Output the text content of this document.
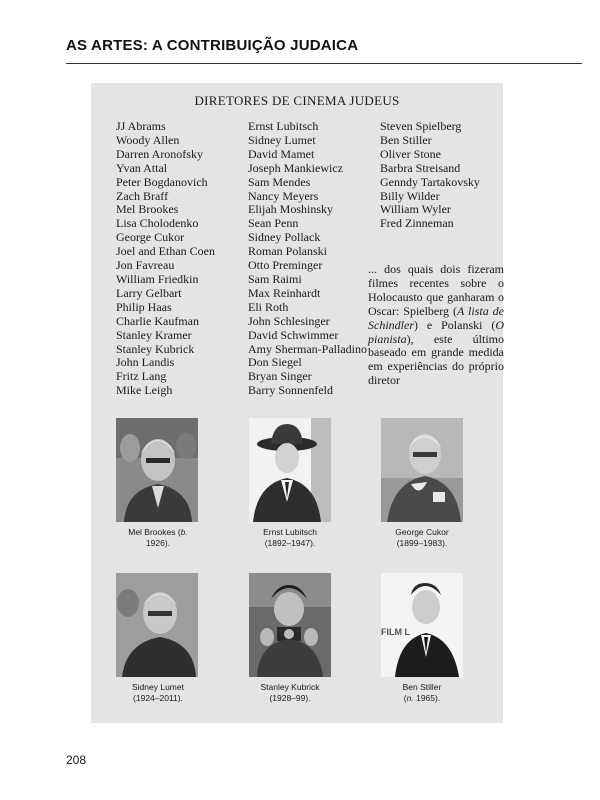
AS ARTES: A CONTRIBUIÇÃO JUDAICA
DIRETORES DE CINEMA JUDEUS
JJ Abrams
Woody Allen
Darren Aronofsky
Yvan Attal
Peter Bogdanovich
Zach Braff
Mel Brookes
Lisa Cholodenko
George Cukor
Joel and Ethan Coen
Jon Favreau
William Friedkin
Larry Gelbart
Philip Haas
Charlie Kaufman
Stanley Kramer
Stanley Kubrick
John Landis
Fritz Lang
Mike Leigh
Ernst Lubitsch
Sidney Lumet
David Mamet
Joseph Mankiewicz
Sam Mendes
Nancy Meyers
Elijah Moshinsky
Sean Penn
Sidney Pollack
Roman Polanski
Otto Preminger
Sam Raimi
Max Reinhardt
Eli Roth
John Schlesinger
David Schwimmer
Amy Sherman-Palladino
Don Siegel
Bryan Singer
Barry Sonnenfeld
Steven Spielberg
Ben Stiller
Oliver Stone
Barbra Streisand
Genndy Tartakovsky
Billy Wilder
William Wyler
Fred Zinneman
... dos quais dois fizeram filmes recentes sobre o Holocausto que ganharam o Oscar: Spielberg (A lista de Schindler) e Polanski (O pianista), este último baseado em grande medida em experiências do próprio diretor
Mel Brookes (b.
1926).
Ernst Lubitsch
(1892–1947).
George Cukor
(1899–1983).
FILM L
Sidney Lumet
(1924–2011).
Stanley Kubrick
(1928–99).
Ben Stiller
(n. 1965).
208
